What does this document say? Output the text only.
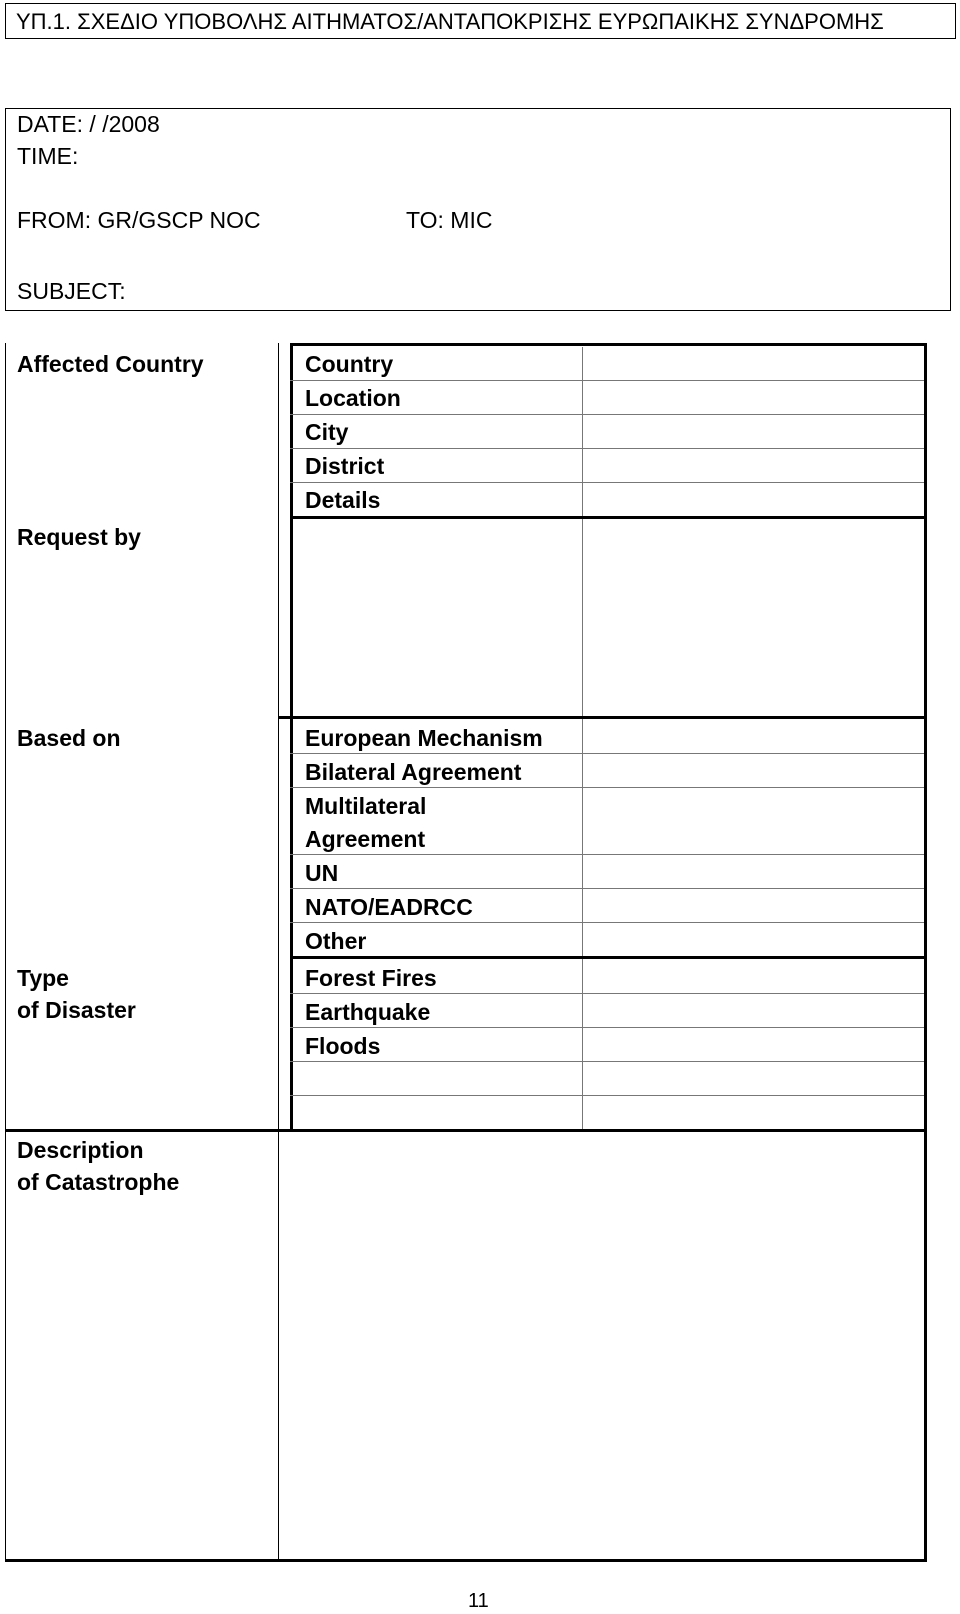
ΥΠ.1. ΣΧΕΔΙΟ ΥΠΟΒΟΛΗΣ ΑΙΤΗΜΑΤΟΣ/ΑΝΤΑΠΟΚΡΙΣΗΣ ΕΥΡΩΠΑΙΚΗΣ ΣΥΝΔΡΟΜΗΣ
DATE: / /2008
TIME:
FROM: GR/GSCP NOC	TO: MIC
SUBJECT:
Affected Country
Request by
Based on
Type
of Disaster
Description
of Catastrophe
Country
Location
City
District
Details
European Mechanism
Bilateral Agreement
Multilateral
Agreement
UN
NATO/EADRCC
Other
Forest Fires
Earthquake
Floods
11
